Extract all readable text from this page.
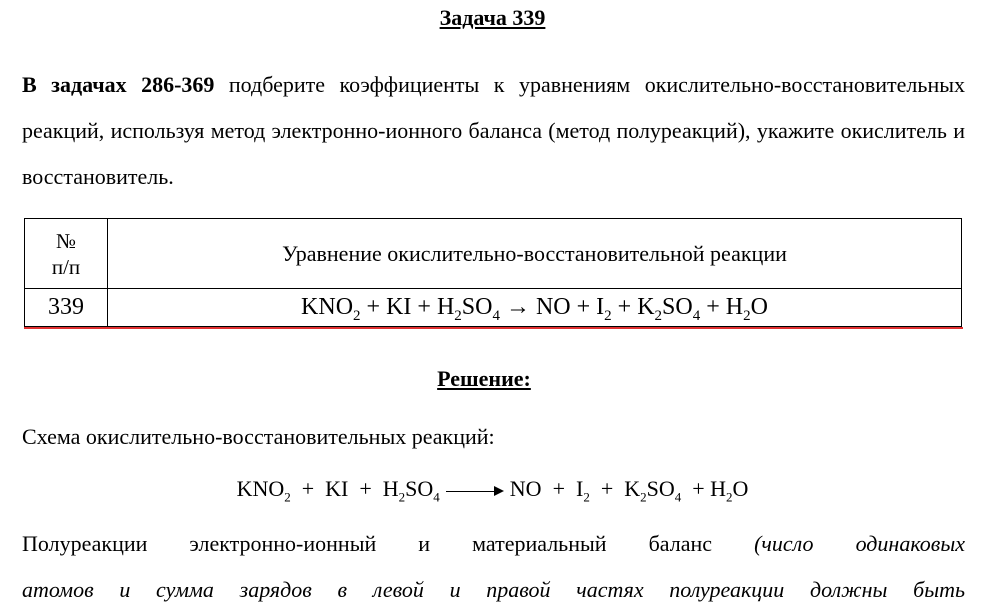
Задача 339
В задачах 286-369 подберите коэффициенты к уравнениям окислительно-восстановительных реакций, используя метод электронно-ионного баланса (метод полуреакций), укажите окислитель и восстановитель.
№
п/п	Уравнение окислительно-восстановительной реакции
339	$KNO_2$ + KI + $H_2SO_4$ → NO + $I_2 + K_2SO_4 + H_2O$
Решение:
Схема окислительно-восстановительных реакций:
$KNO_2$  +  KI  +  $H_2SO_4$	NO  +  $I_2 + K_2SO_4 + H_2O$
Полуреакции электронно-ионный и материальный баланс (число одинаковых
атомов и сумма зарядов в левой и правой частях полуреакции должны быть
